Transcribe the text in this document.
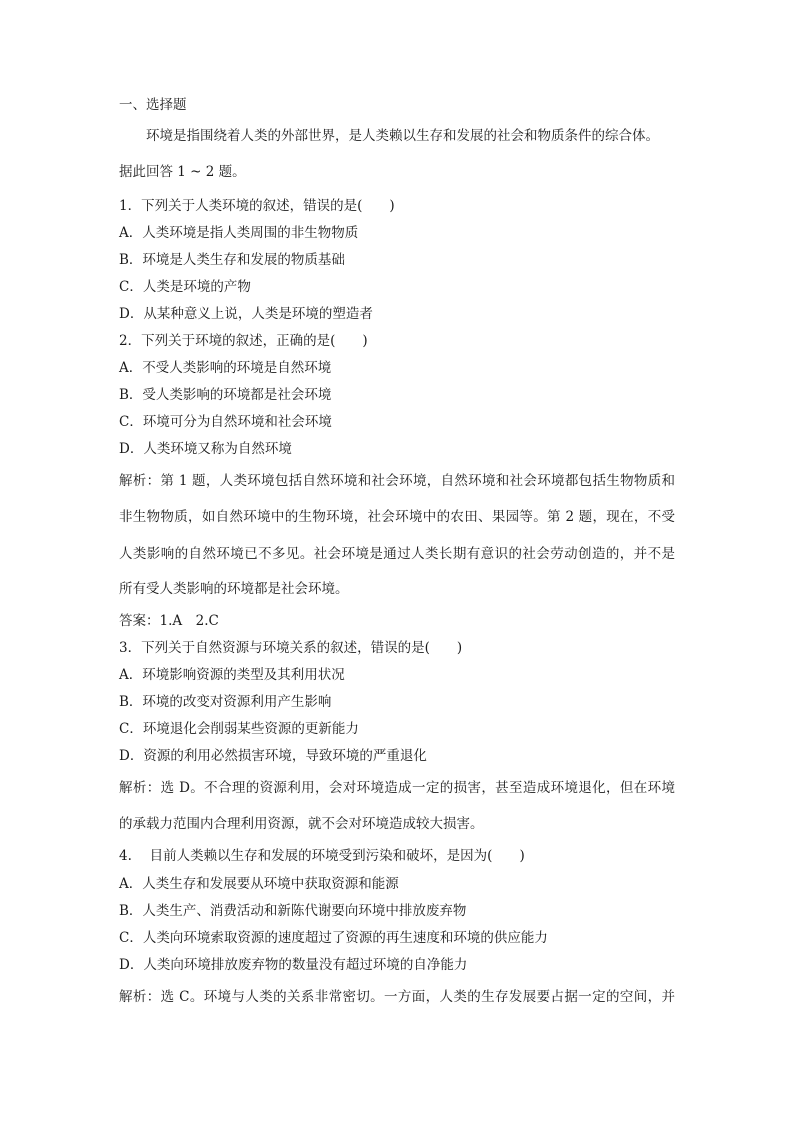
一、选择题
环境是指围绕着人类的外部世界，是人类赖以生存和发展的社会和物质条件的综合体。
据此回答 1 ~ 2 题。
1．下列关于人类环境的叙述，错误的是(　　)
A．人类环境是指人类周围的非生物物质
B．环境是人类生存和发展的物质基础
C．人类是环境的产物
D．从某种意义上说，人类是环境的塑造者
2．下列关于环境的叙述，正确的是(　　)
A．不受人类影响的环境是自然环境
B．受人类影响的环境都是社会环境
C．环境可分为自然环境和社会环境
D．人类环境又称为自然环境
解析：第 1 题，人类环境包括自然环境和社会环境，自然环境和社会环境都包括生物物质和
非生物物质，如自然环境中的生物环境，社会环境中的农田、果园等。第 2 题，现在，不受
人类影响的自然环境已不多见。社会环境是通过人类长期有意识的社会劳动创造的，并不是
所有受人类影响的环境都是社会环境。
答案：1.A　2.C
3．下列关于自然资源与环境关系的叙述，错误的是(　　)
A．环境影响资源的类型及其利用状况
B．环境的改变对资源利用产生影响
C．环境退化会削弱某些资源的更新能力
D．资源的利用必然损害环境，导致环境的严重退化
解析：选 D。不合理的资源利用，会对环境造成一定的损害，甚至造成环境退化，但在环境
的承载力范围内合理利用资源，就不会对环境造成较大损害。
4.　 目前人类赖以生存和发展的环境受到污染和破坏，是因为(　　)
A．人类生存和发展要从环境中获取资源和能源
B．人类生产、消费活动和新陈代谢要向环境中排放废弃物
C．人类向环境索取资源的速度超过了资源的再生速度和环境的供应能力
D．人类向环境排放废弃物的数量没有超过环境的自净能力
解析：选 C。环境与人类的关系非常密切。一方面，人类的生存发展要占据一定的空间，并
